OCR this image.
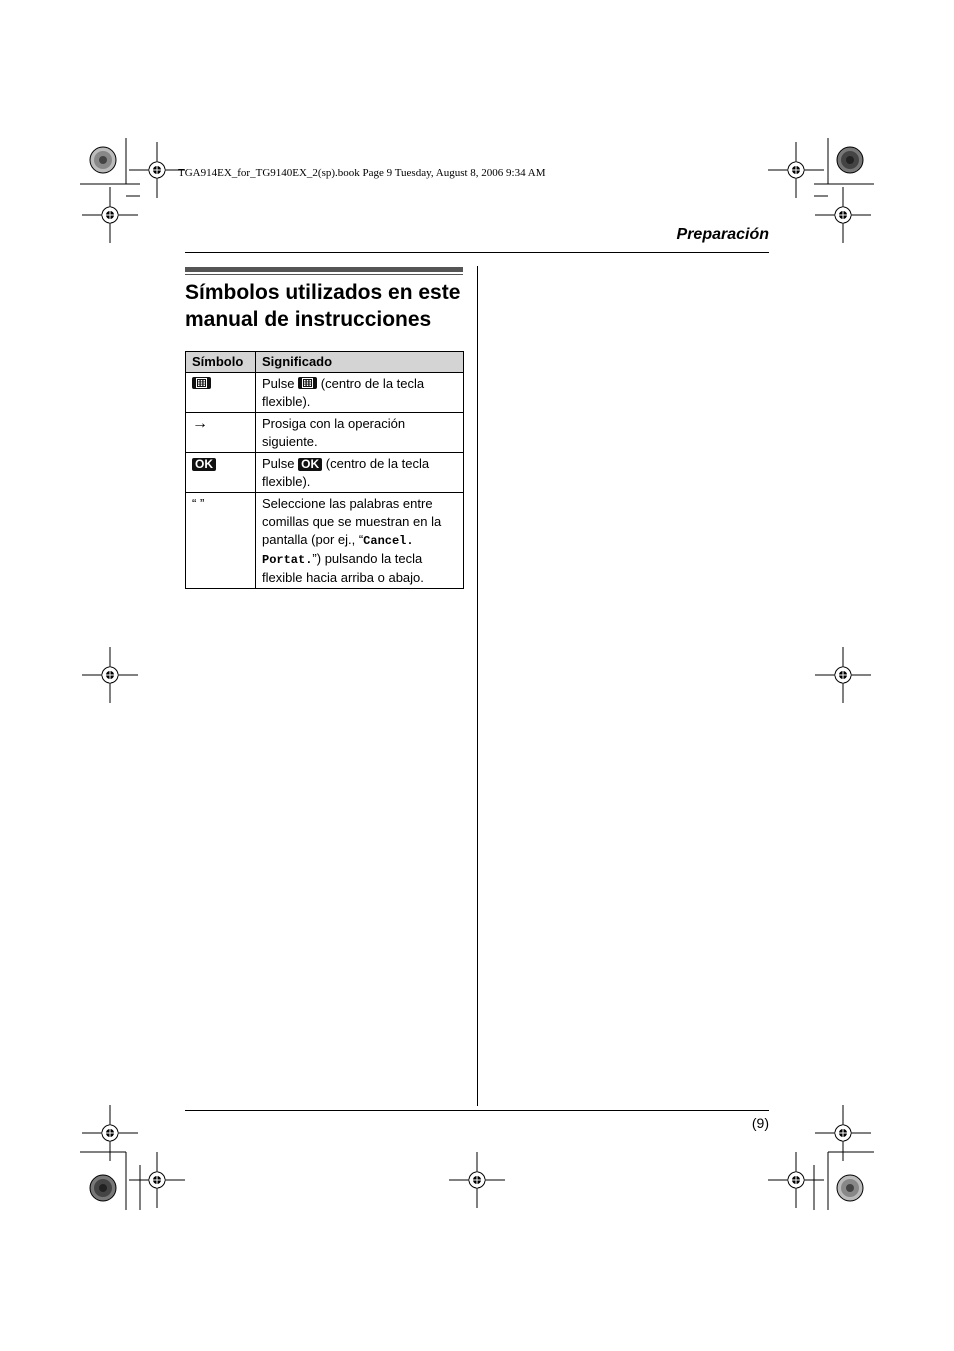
TGA914EX_for_TG9140EX_2(sp).book Page 9 Tuesday, August 8, 2006 9:34 AM
Preparación
Símbolos utilizados en este
manual de instrucciones
Símbolo	Significado

	Pulse (centro de la tecla flexible).
→	Prosiga con la operación siguiente.
OK	Pulse OK (centro de la tecla flexible).
“ ”	Seleccione las palabras entre comillas que se muestran en la pantalla (por ej., “Cancel. Portat.”) pulsando la tecla flexible hacia arriba o abajo.
(9)
